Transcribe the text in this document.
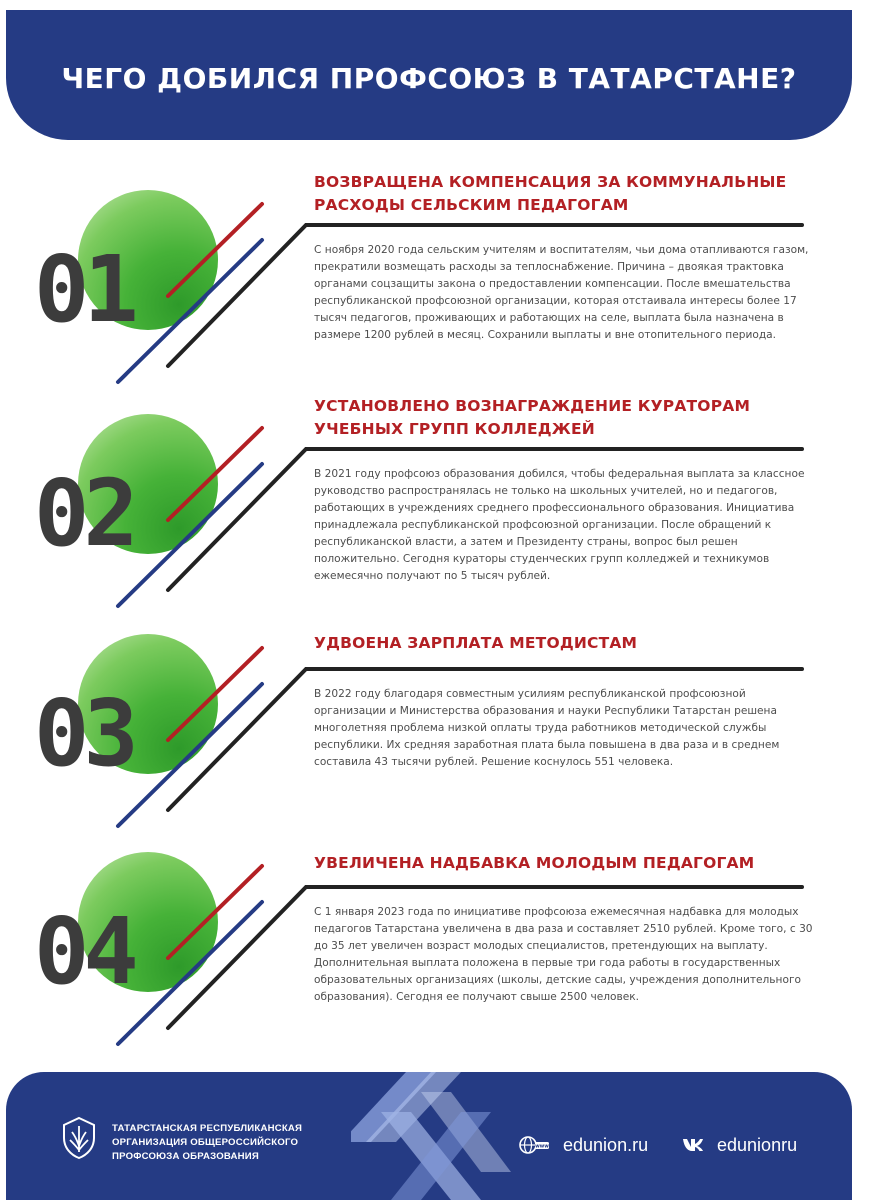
ЧЕГО ДОБИЛСЯ ПРОФСОЮЗ В ТАТАРСТАНЕ?
01
ВОЗВРАЩЕНА КОМПЕНСАЦИЯ ЗА КОММУНАЛЬНЫЕ
РАСХОДЫ СЕЛЬСКИМ ПЕДАГОГАМ
С ноября 2020 года сельским учителям и воспитателям, чьи дома отапливаются газом, прекратили возмещать расходы за теплоснабжение. Причина – двоякая трактовка органами соцзащиты закона о предоставлении компенсации. После вмешательства республиканской профсоюзной организации, которая отстаивала интересы более 17 тысяч педагогов, проживающих и работающих на селе, выплата была назначена в размере 1200 рублей в месяц. Сохранили выплаты и вне отопительного периода.
02
УСТАНОВЛЕНО ВОЗНАГРАЖДЕНИЕ КУРАТОРАМ
УЧЕБНЫХ ГРУПП КОЛЛЕДЖЕЙ
В 2021 году профсоюз образования добился, чтобы федеральная выплата за классное руководство распространялась не только на школьных учителей, но и педагогов, работающих в учреждениях среднего профессионального образования. Инициатива принадлежала республиканской профсоюзной организации. После обращений к республиканской власти, а затем и Президенту страны, вопрос был решен положительно. Сегодня кураторы студенческих групп колледжей и техникумов ежемесячно получают по 5 тысяч рублей.
03
УДВОЕНА ЗАРПЛАТА МЕТОДИСТАМ
В 2022 году благодаря совместным усилиям республиканской профсоюзной организации и Министерства образования и науки Республики Татарстан решена многолетняя проблема низкой оплаты труда работников методической службы республики. Их средняя заработная плата была повышена в два раза и в среднем составила 43 тысячи рублей. Решение коснулось 551 человека.
04
УВЕЛИЧЕНА НАДБАВКА МОЛОДЫМ ПЕДАГОГАМ
С 1 января 2023 года по инициативе профсоюза ежемесячная надбавка для молодых педагогов Татарстана увеличена в два раза и составляет 2510 рублей. Кроме того, с 30 до 35 лет увеличен возраст молодых специалистов, претендующих на выплату. Дополнительная выплата положена в первые три года работы в государственных образовательных организациях (школы, детские сады, учреждения дополнительного образования). Сегодня ее получают свыше 2500 человек.
ТАТАРСТАНСКАЯ РЕСПУБЛИКАНСКАЯ
ОРГАНИЗАЦИЯ ОБЩЕРОССИЙСКОГО
ПРОФСОЮЗА ОБРАЗОВАНИЯ
www edunion.ru	edunionru
